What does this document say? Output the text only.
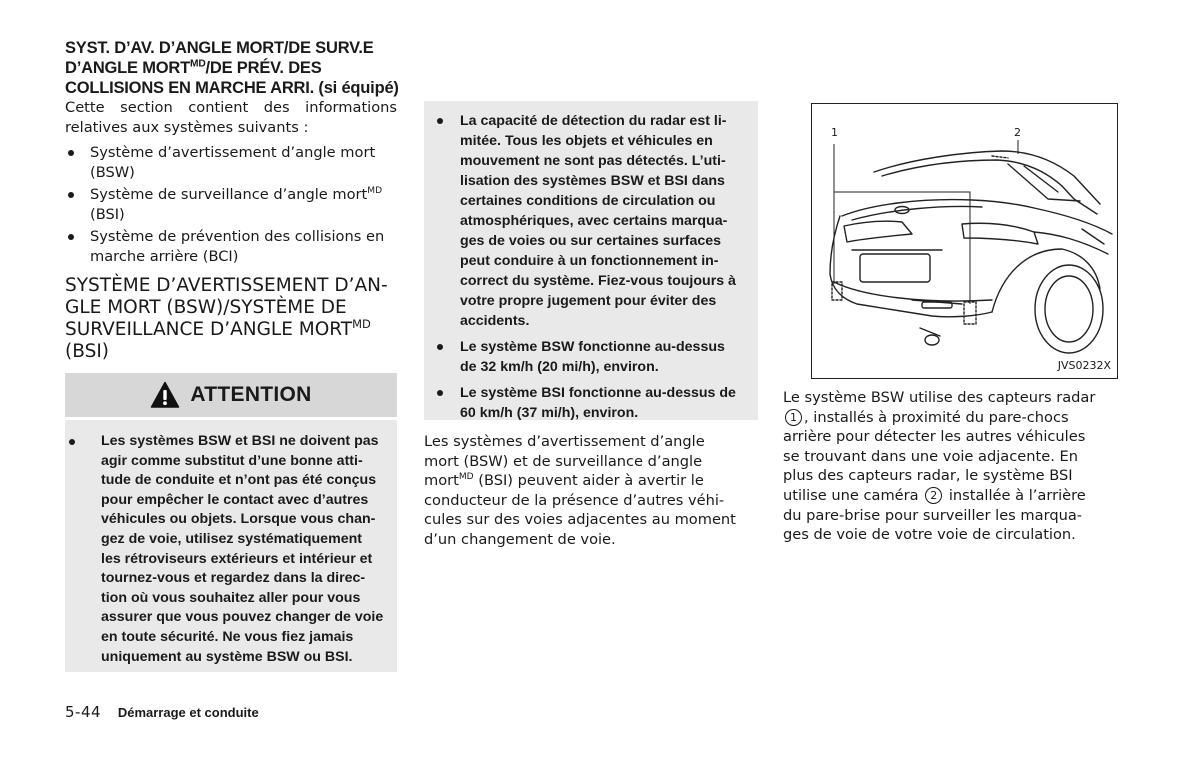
SYST. D’AV. D’ANGLE MORT/DE SURV.E
D’ANGLE $MORT^{MD}/DE$ PRÉV. DES
COLLISIONS EN MARCHE ARRI. (si équipé)

Cette section contient des informations relatives aux systèmes suivants :

Système d’avertissement d’angle mort (BSW)
Système de surveillance d’angle mort$^{MD}$
(BSI)
Système de prévention des collisions en marche arrière (BCI)
SYSTÈME D’AVERTISSEMENT D’AN-
GLE MORT (BSW)/SYSTÈME DE
SURVEILLANCE D’ANGLE $MORT^{MD}$
(BSI)
ATTENTION
Les systèmes BSW et BSI ne doivent pas
agir comme substitut d’une bonne atti-
tude de conduite et n’ont pas été conçus
pour empêcher le contact avec d’autres
véhicules ou objets. Lorsque vous chan-
gez de voie, utilisez systématiquement
les rétroviseurs extérieurs et intérieur et
tournez-vous et regardez dans la direc-
tion où vous souhaitez aller pour vous
assurer que vous pouvez changer de voie
en toute sécurité. Ne vous fiez jamais
uniquement au système BSW ou BSI.
La capacité de détection du radar est li-
mitée. Tous les objets et véhicules en
mouvement ne sont pas détectés. L’uti-
lisation des systèmes BSW et BSI dans
certaines conditions de circulation ou
atmosphériques, avec certains marqua-
ges de voies ou sur certaines surfaces
peut conduire à un fonctionnement in-
correct du système. Fiez-vous toujours à
votre propre jugement pour éviter des
accidents.
Le système BSW fonctionne au-dessus
de 32 km/h (20 mi/h), environ.
Le système BSI fonctionne au-dessus de
60 km/h (37 mi/h), environ.

Les systèmes d’avertissement d’angle
mort (BSW) et de surveillance d’angle
mort$^{MD}$ (BSI) peuvent aider à avertir le
conducteur de la présence d’autres véhi-
cules sur des voies adjacentes au moment
d’un changement de voie.

1	2
JVS0232X

Le système BSW utilise des capteurs radar
1 , installés à proximité du pare-chocs
arrière pour détecter les autres véhicules
se trouvant dans une voie adjacente. En
plus des capteurs radar, le système BSI
utilise une caméra 2 installée à l’arrière
du pare-brise pour surveiller les marqua-
ges de voie de votre voie de circulation.

5-44 Démarrage et conduite
